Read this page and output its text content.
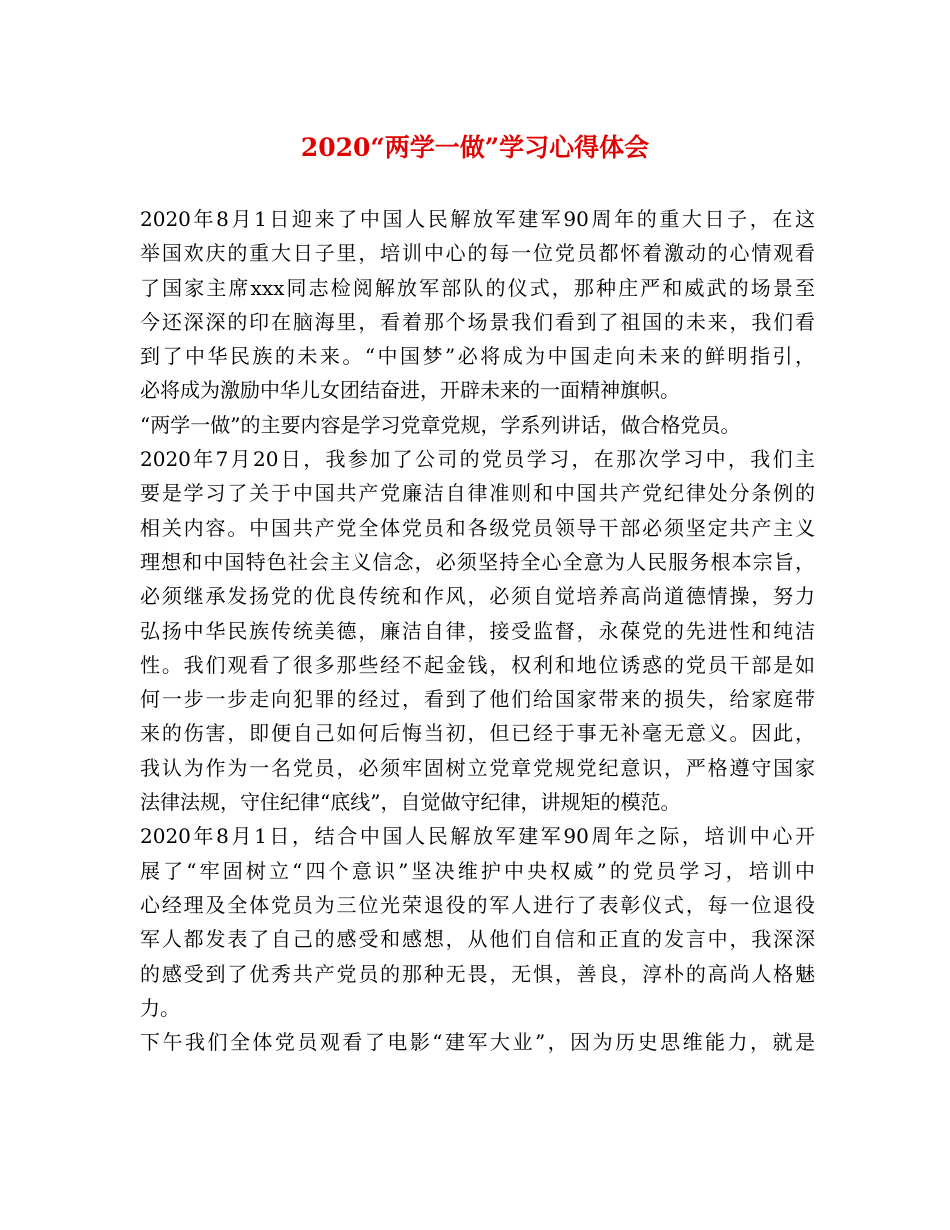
2020“两学一做”学习心得体会
2020年8月1日迎来了中国人民解放军建军90周年的重大日子，在这
举国欢庆的重大日子里，培训中心的每一位党员都怀着激动的心情观看
了国家主席xxx同志检阅解放军部队的仪式，那种庄严和威武的场景至
今还深深的印在脑海里，看着那个场景我们看到了祖国的未来，我们看
到了中华民族的未来。“中国梦”必将成为中国走向未来的鲜明指引，
必将成为激励中华儿女团结奋进，开辟未来的一面精神旗帜。
“两学一做”的主要内容是学习党章党规，学系列讲话，做合格党员。
2020年7月20日，我参加了公司的党员学习，在那次学习中，我们主
要是学习了关于中国共产党廉洁自律准则和中国共产党纪律处分条例的
相关内容。中国共产党全体党员和各级党员领导干部必须坚定共产主义
理想和中国特色社会主义信念，必须坚持全心全意为人民服务根本宗旨，
必须继承发扬党的优良传统和作风，必须自觉培养高尚道德情操，努力
弘扬中华民族传统美德，廉洁自律，接受监督，永葆党的先进性和纯洁
性。我们观看了很多那些经不起金钱，权利和地位诱惑的党员干部是如
何一步一步走向犯罪的经过，看到了他们给国家带来的损失，给家庭带
来的伤害，即便自己如何后悔当初，但已经于事无补毫无意义。因此，
我认为作为一名党员，必须牢固树立党章党规党纪意识，严格遵守国家
法律法规，守住纪律“底线”，自觉做守纪律，讲规矩的模范。
2020年8月1日，结合中国人民解放军建军90周年之际，培训中心开
展了“牢固树立“四个意识”坚决维护中央权威”的党员学习，培训中
心经理及全体党员为三位光荣退役的军人进行了表彰仪式，每一位退役
军人都发表了自己的感受和感想，从他们自信和正直的发言中，我深深
的感受到了优秀共产党员的那种无畏，无惧，善良，淳朴的高尚人格魅
力。
下午我们全体党员观看了电影“建军大业”，因为历史思维能力，就是
